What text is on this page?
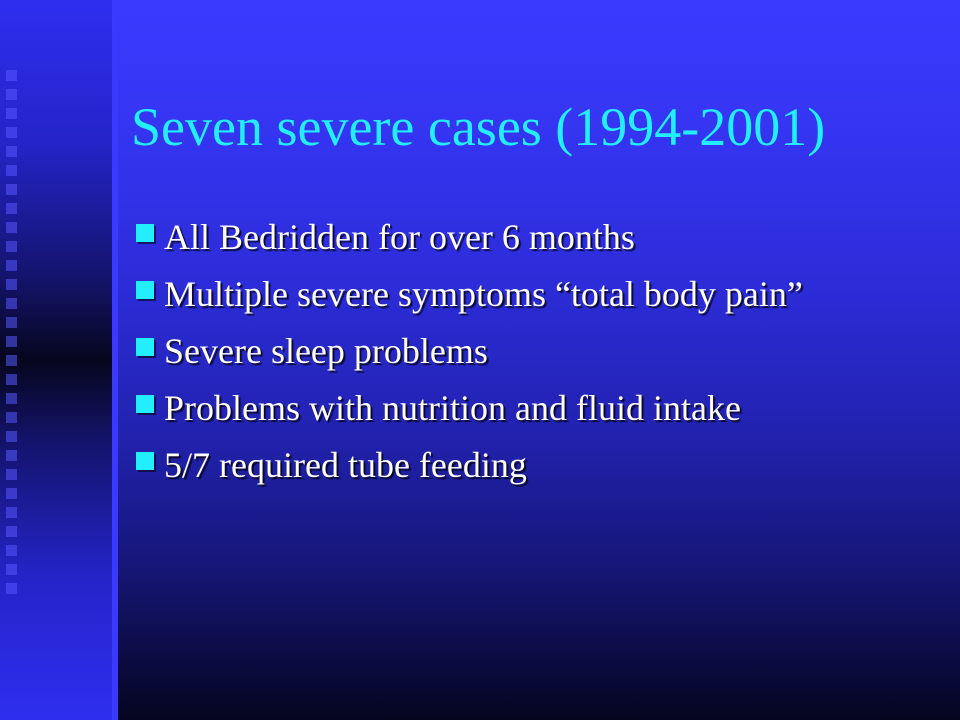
Seven severe cases (1994-2001)
All Bedridden for over 6 months
Multiple severe symptoms “total body pain”
Severe sleep problems
Problems with nutrition and fluid intake
5/7 required tube feeding
